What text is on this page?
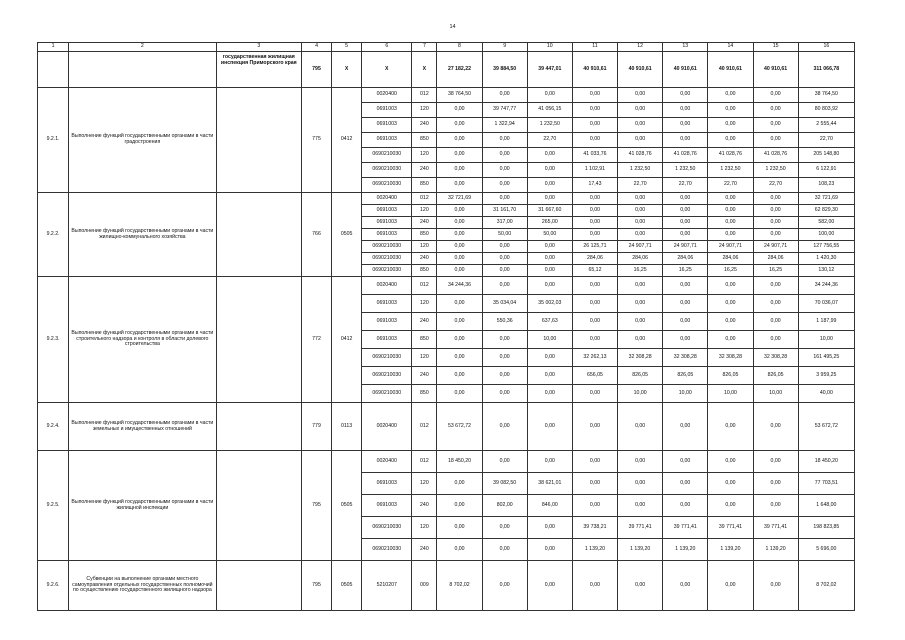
14
1	2	3	4	5	6	7	8	9	10	11	12	13	14	15	16
		государственная жилищная инспекция Приморского края	795	X	X	X	27 182,22	39 884,50	39 447,01	40 910,61	40 910,61	40 910,61	40 910,61	40 910,61	311 066,78
9.2.1.	Выполнение функций государственными органами в части градостроения		775	0412	0020400	012	38 764,50	0,00	0,00	0,00	0,00	0,00	0,00	0,00	38 764,50
					0691003	120	0,00	39 747,77	41 056,15	0,00	0,00	0,00	0,00	0,00	80 803,92
					0691003	240	0,00	1 322,94	1 232,50	0,00	0,00	0,00	0,00	0,00	2 555,44
					0691003	850	0,00	0,00	22,70	0,00	0,00	0,00	0,00	0,00	22,70
					0690210030	120	0,00	0,00	0,00	41 033,76	41 028,76	41 028,76	41 028,76	41 028,76	205 148,80
					0690210030	240	0,00	0,00	0,00	1 102,91	1 232,50	1 232,50	1 232,50	1 232,50	6 122,91
					0690210030	850	0,00	0,00	0,00	17,43	22,70	22,70	22,70	22,70	108,23
9.2.2.	Выполнение функций государственными органами в части жилищно-коммунального хозяйства		766	0505	0020400	012	32 721,69	0,00	0,00	0,00	0,00	0,00	0,00	0,00	32 721,69
					0691003	120	0,00	31 161,70	31 667,60	0,00	0,00	0,00	0,00	0,00	62 829,30
					0691003	240	0,00	317,00	265,00	0,00	0,00	0,00	0,00	0,00	582,00
					0691003	850	0,00	50,00	50,00	0,00	0,00	0,00	0,00	0,00	100,00
					0690210030	120	0,00	0,00	0,00	26 125,71	24 907,71	24 907,71	24 907,71	24 907,71	127 756,55
					0690210030	240	0,00	0,00	0,00	284,06	284,06	284,06	284,06	284,06	1 420,30
					0690210030	850	0,00	0,00	0,00	65,12	16,25	16,25	16,25	16,25	130,12
9.2.3.	Выполнение функций государственными органами в части строительного надзора и контроля в области долевого строительства		772	0412	0020400	012	34 244,36	0,00	0,00	0,00	0,00	0,00	0,00	0,00	34 244,36
					0691003	120	0,00	35 034,04	35 002,03	0,00	0,00	0,00	0,00	0,00	70 036,07
					0691003	240	0,00	550,36	637,63	0,00	0,00	0,00	0,00	0,00	1 187,99
					0691003	850	0,00	0,00	10,00	0,00	0,00	0,00	0,00	0,00	10,00
					0690210030	120	0,00	0,00	0,00	32 262,13	32 308,28	32 308,28	32 308,28	32 308,28	161 495,25
					0690210030	240	0,00	0,00	0,00	656,05	826,05	826,05	826,05	826,05	3 959,25
					0690210030	850	0,00	0,00	0,00	0,00	10,00	10,00	10,00	10,00	40,00
9.2.4.	Выполнение функций государственными органами в части земельных и имущественных отношений		779	0113	0020400	012	53 672,72	0,00	0,00	0,00	0,00	0,00	0,00	0,00	53 672,72
9.2.5.	Выполнение функций государственными органами в части жилищной инспекции		795	0505	0020400	012	18 450,20	0,00	0,00	0,00	0,00	0,00	0,00	0,00	18 450,20
					0691003	120	0,00	39 082,50	38 621,01	0,00	0,00	0,00	0,00	0,00	77 703,51
					0691003	240	0,00	802,00	846,00	0,00	0,00	0,00	0,00	0,00	1 648,00
					0690210030	120	0,00	0,00	0,00	39 738,21	39 771,41	39 771,41	39 771,41	39 771,41	198 823,85
					0690210030	240	0,00	0,00	0,00	1 139,20	1 139,20	1 139,20	1 139,20	1 139,20	5 696,00
9.2.6.	Субвенции на выполнение органами местного самоуправления отдельных государственных полномочий по осуществлению государственного жилищного надзора		795	0505	5210207	009	8 702,02	0,00	0,00	0,00	0,00	0,00	0,00	0,00	8 702,02
